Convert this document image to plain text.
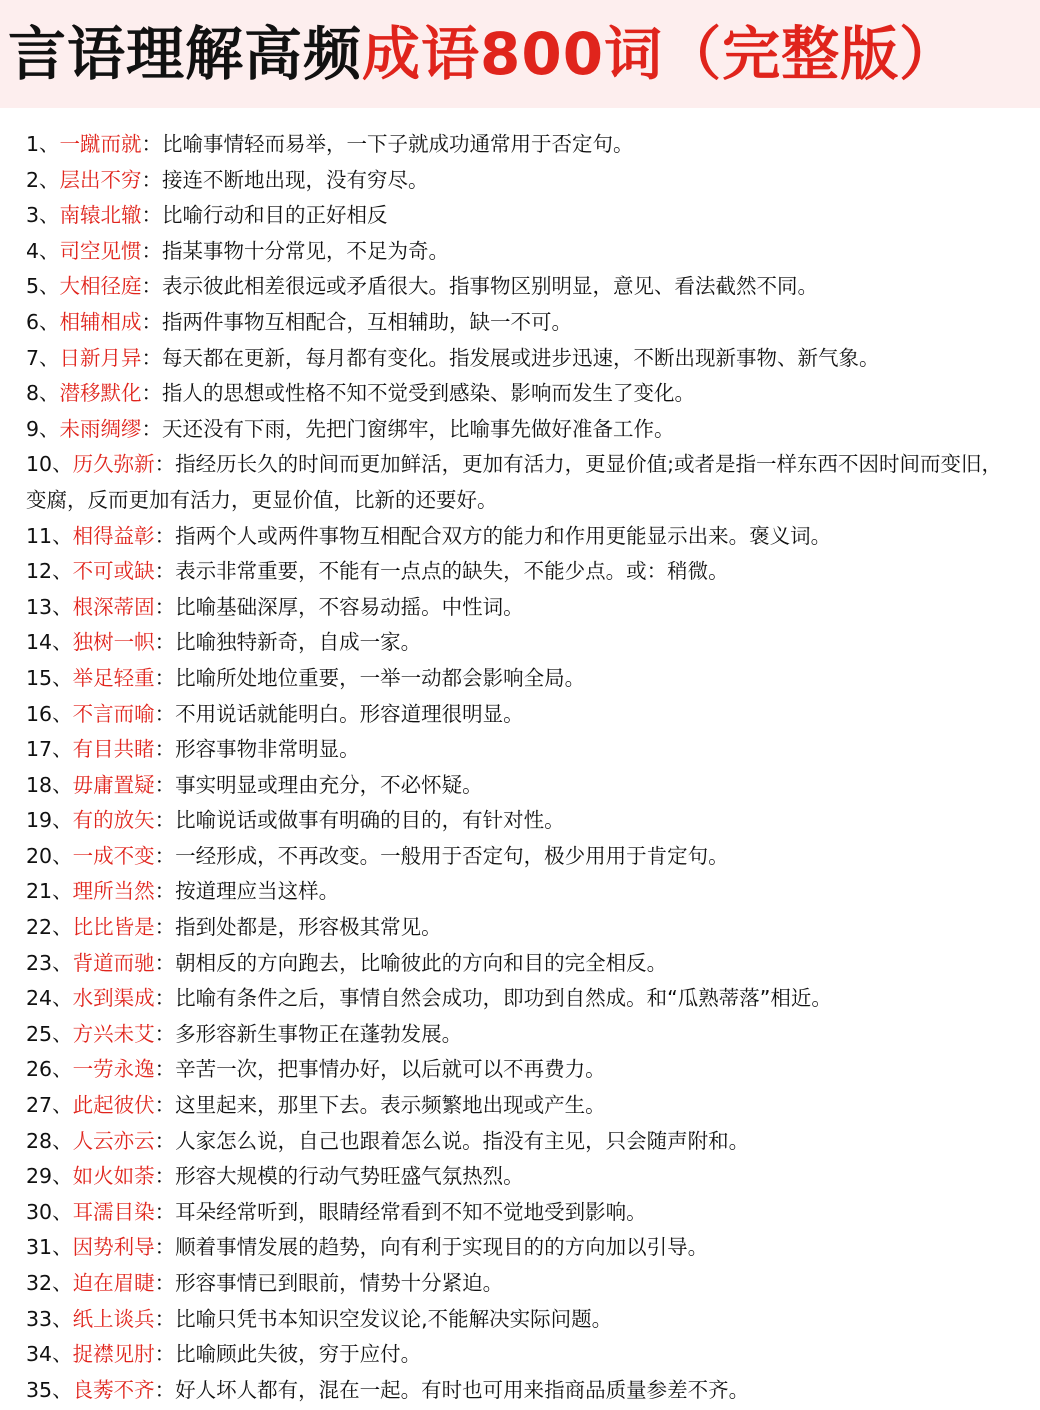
言语理解高频 成语800词（完整版）
1、一蹴而就：比喻事情轻而易举，一下子就成功通常用于否定句。
2、层出不穷：接连不断地出现，没有穷尽。
3、南辕北辙：比喻行动和目的正好相反
4、司空见惯：指某事物十分常见，不足为奇。
5、大相径庭：表示彼此相差很远或矛盾很大。指事物区别明显，意见、看法截然不同。
6、相辅相成：指两件事物互相配合，互相辅助，缺一不可。
7、日新月异：每天都在更新，每月都有变化。指发展或进步迅速，不断出现新事物、新气象。
8、潜移默化：指人的思想或性格不知不觉受到感染、影响而发生了变化。
9、未雨绸缪：天还没有下雨，先把门窗绑牢，比喻事先做好准备工作。
10、历久弥新：指经历长久的时间而更加鲜活，更加有活力，更显价值;或者是指一样东西不因时间而变旧，变腐，反而更加有活力，更显价值，比新的还要好。
11、相得益彰：指两个人或两件事物互相配合双方的能力和作用更能显示出来。褒义词。
12、不可或缺：表示非常重要，不能有一点点的缺失，不能少点。或：稍微。
13、根深蒂固：比喻基础深厚，不容易动摇。中性词。
14、独树一帜：比喻独特新奇，自成一家。
15、举足轻重：比喻所处地位重要，一举一动都会影响全局。
16、不言而喻：不用说话就能明白。形容道理很明显。
17、有目共睹：形容事物非常明显。
18、毋庸置疑：事实明显或理由充分，不必怀疑。
19、有的放矢：比喻说话或做事有明确的目的，有针对性。
20、一成不变：一经形成，不再改变。一般用于否定句，极少用用于肯定句。
21、理所当然：按道理应当这样。
22、比比皆是：指到处都是，形容极其常见。
23、背道而驰：朝相反的方向跑去，比喻彼此的方向和目的完全相反。
24、水到渠成：比喻有条件之后，事情自然会成功，即功到自然成。和“瓜熟蒂落”相近。
25、方兴未艾：多形容新生事物正在蓬勃发展。
26、一劳永逸：辛苦一次，把事情办好，以后就可以不再费力。
27、此起彼伏：这里起来，那里下去。表示频繁地出现或产生。
28、人云亦云：人家怎么说，自己也跟着怎么说。指没有主见，只会随声附和。
29、如火如荼：形容大规模的行动气势旺盛气氛热烈。
30、耳濡目染：耳朵经常听到，眼睛经常看到不知不觉地受到影响。
31、因势利导：顺着事情发展的趋势，向有利于实现目的的方向加以引导。
32、迫在眉睫：形容事情已到眼前，情势十分紧迫。
33、纸上谈兵：比喻只凭书本知识空发议论,不能解决实际问题。
34、捉襟见肘：比喻顾此失彼，穷于应付。
35、良莠不齐：好人坏人都有，混在一起。有时也可用来指商品质量参差不齐。
